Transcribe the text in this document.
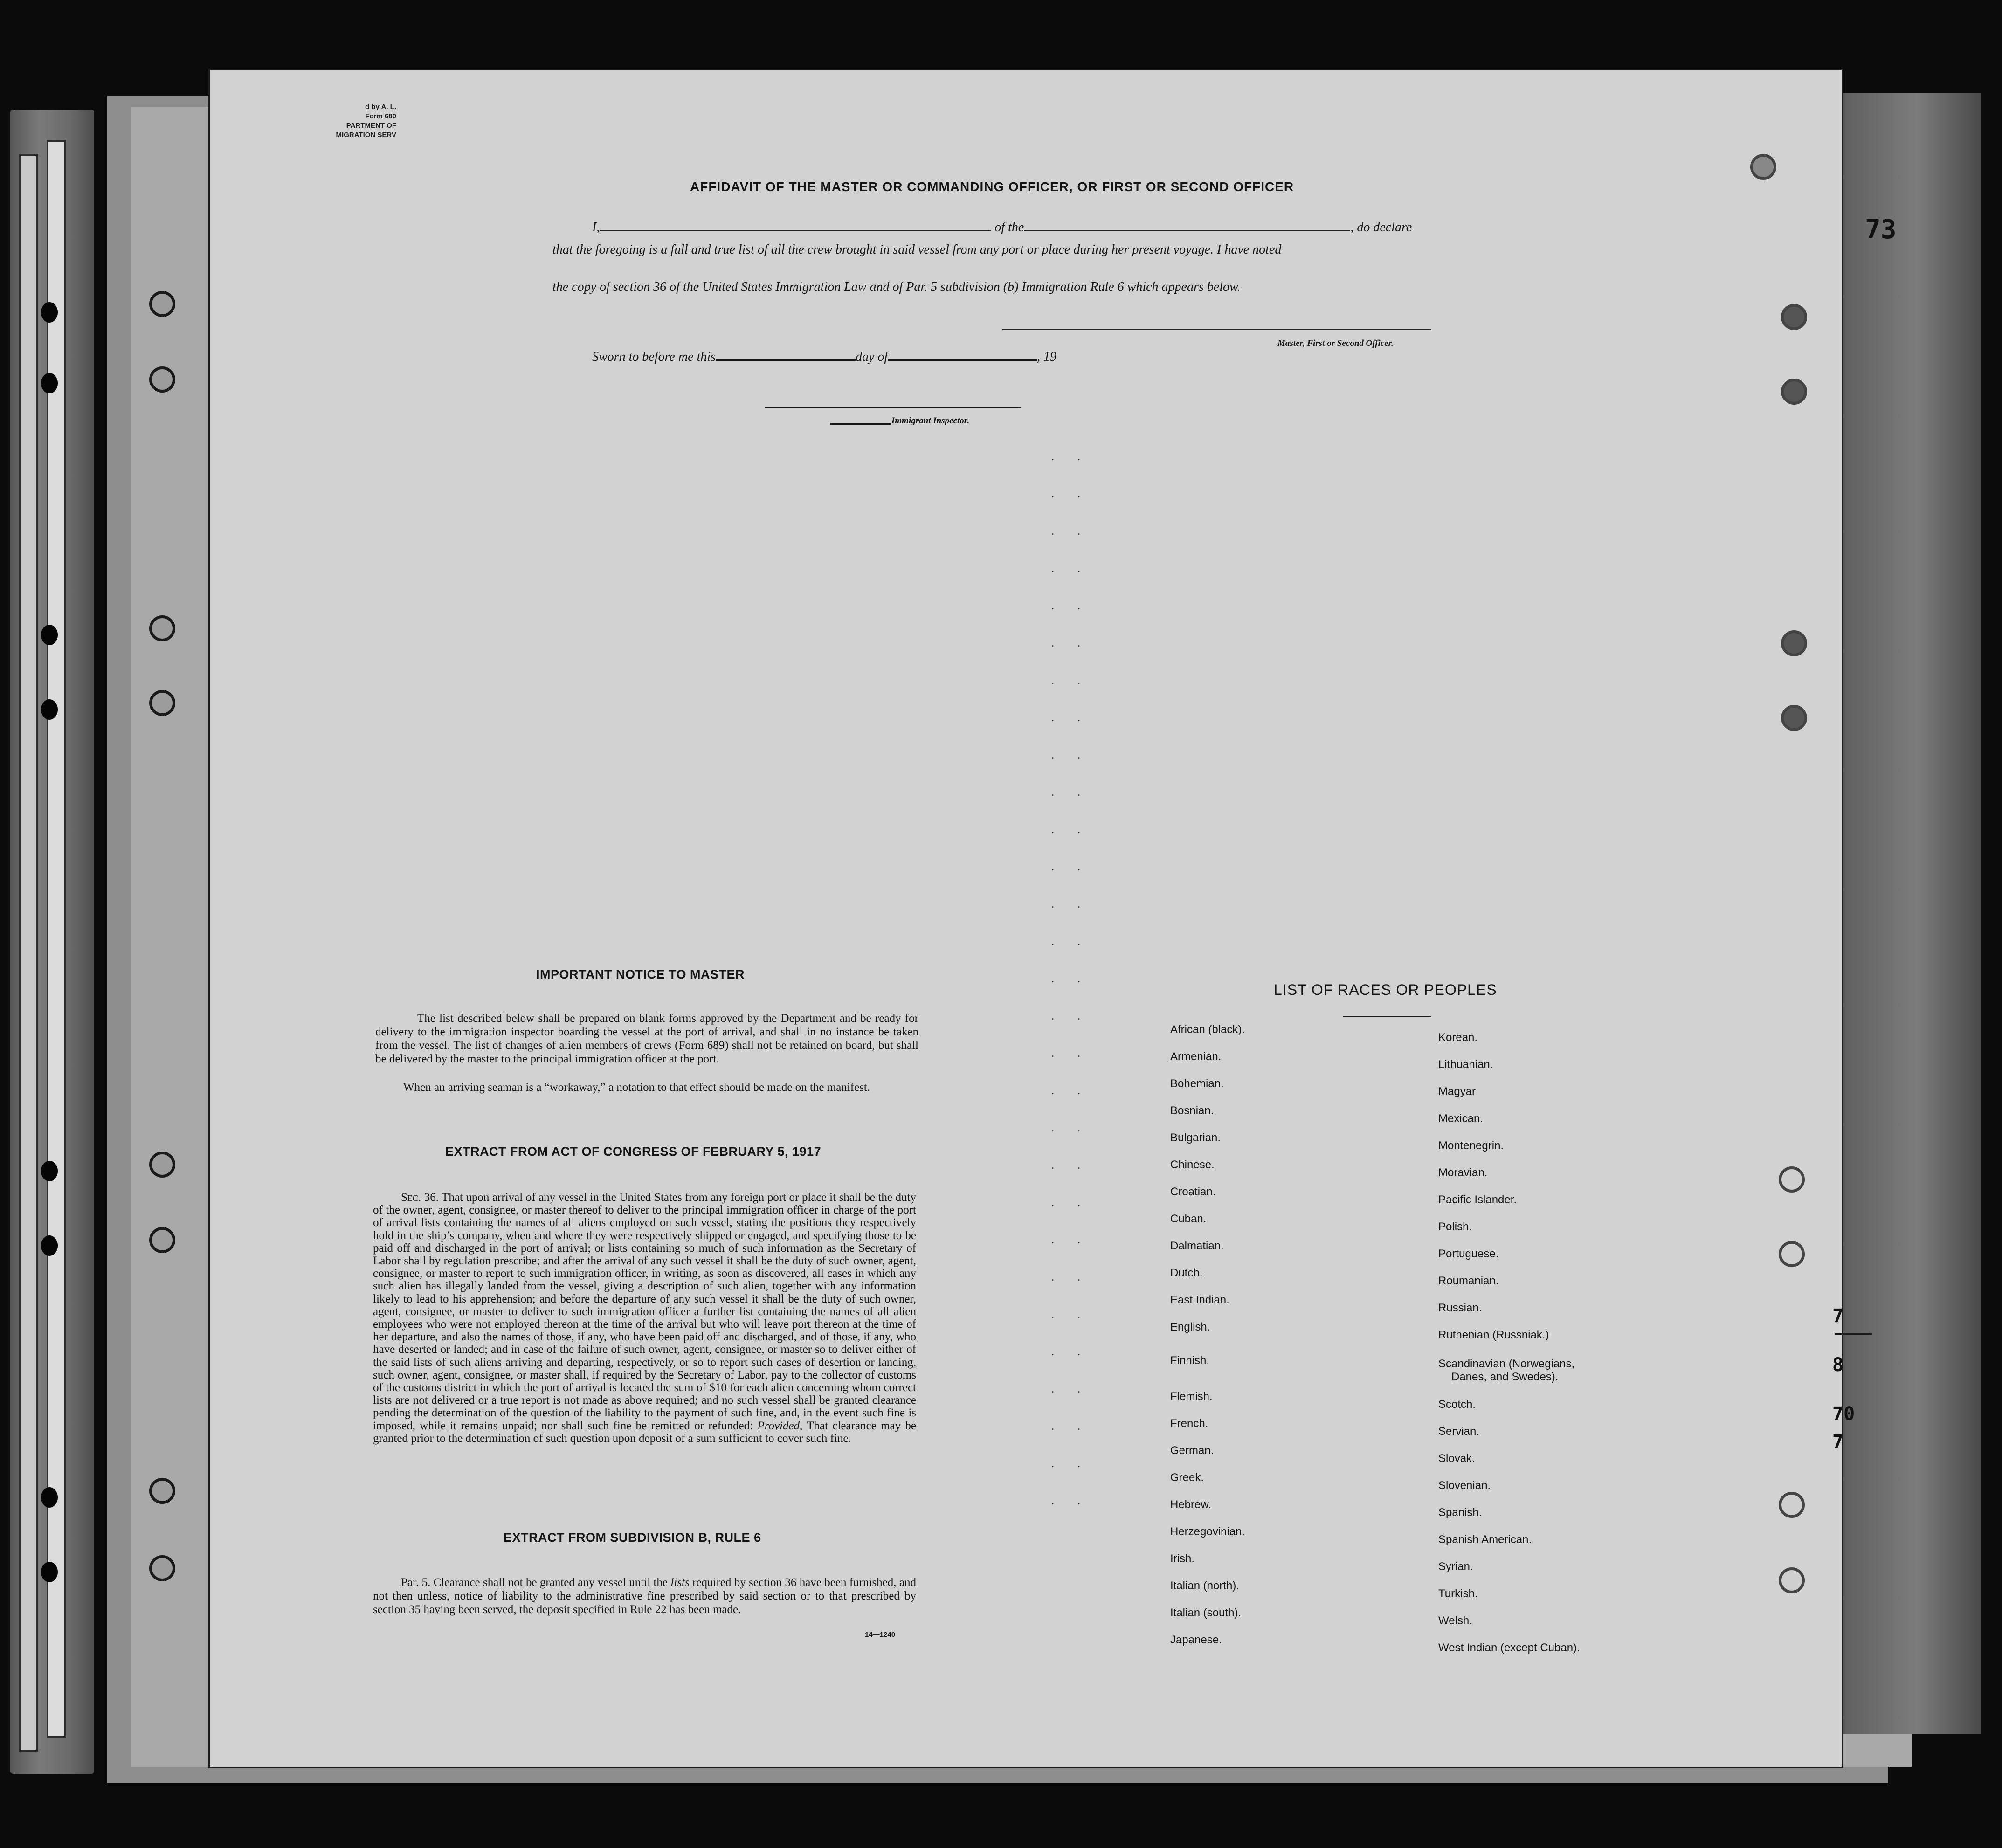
73
7
8
70
7
d by A. L.
Form 680
PARTMENT OF
MIGRATION SERV
AFFIDAVIT OF THE MASTER OR COMMANDING OFFICER, OR FIRST OR SECOND OFFICER
I,	of the	, do declare
that the foregoing is a full and true list of all the crew brought in said vessel from any port or place during her present voyage. I have noted
the copy of section 36 of the United States Immigration Law and of Par. 5 subdivision (b) Immigration Rule 6 which appears below.
Master, First or Second Officer.
Sworn to before me this	day of	, 19
Immigrant Inspector.
.
.
.
.
.
.
.
.
.
.
.
.
.
.
.
.
.
.
.
.
.
.
.
.
.
.
.
.
.
IMPORTANT NOTICE TO MASTER
The list described below shall be prepared on blank forms approved by the Department and be ready for delivery to the immigration inspector boarding the vessel at the port of arrival, and shall in no instance be taken from the vessel. The list of changes of alien members of crews (Form 689) shall not be retained on board, but shall be delivered by the master to the principal immigration officer at the port.
When an arriving seaman is a “workaway,” a notation to that effect should be made on the manifest.
EXTRACT FROM ACT OF CONGRESS OF FEBRUARY 5, 1917
Sec. 36. That upon arrival of any vessel in the United States from any foreign port or place it shall be the duty of the owner, agent, consignee, or master thereof to deliver to the principal immigration officer in charge of the port of arrival lists containing the names of all aliens employed on such vessel, stating the positions they respectively hold in the ship’s company, when and where they were respectively shipped or engaged, and specifying those to be paid off and discharged in the port of arrival; or lists containing so much of such information as the Secretary of Labor shall by regulation prescribe; and after the arrival of any such vessel it shall be the duty of such owner, agent, consignee, or master to report to such immigration officer, in writing, as soon as discovered, all cases in which any such alien has illegally landed from the vessel, giving a description of such alien, together with any information likely to lead to his apprehension; and before the departure of any such vessel it shall be the duty of such owner, agent, consignee, or master to deliver to such immigration officer a further list containing the names of all alien employees who were not employed thereon at the time of the arrival but who will leave port thereon at the time of her departure, and also the names of those, if any, who have been paid off and discharged, and of those, if any, who have deserted or landed; and in case of the failure of such owner, agent, consignee, or master so to deliver either of the said lists of such aliens arriving and departing, respectively, or so to report such cases of desertion or landing, such owner, agent, consignee, or master shall, if required by the Secretary of Labor, pay to the collector of customs of the customs district in which the port of arrival is located the sum of $10 for each alien concerning whom correct lists are not delivered or a true report is not made as above required; and no such vessel shall be granted clearance pending the determination of the question of the liability to the payment of such fine, and, in the event such fine is imposed, while it remains unpaid; nor shall such fine be remitted or refunded: Provided, That clearance may be granted prior to the determination of such question upon deposit of a sum sufficient to cover such fine.
EXTRACT FROM SUBDIVISION B, RULE 6
Par. 5. Clearance shall not be granted any vessel until the lists required by section 36 have been furnished, and not then unless, notice of liability to the administrative fine prescribed by said section or to that prescribed by section 35 having been served, the deposit specified in Rule 22 has been made.
14—1240
LIST OF RACES OR PEOPLES
African (black).
Armenian.
Bohemian.
Bosnian.
Bulgarian.
Chinese.
Croatian.
Cuban.
Dalmatian.
Dutch.
East Indian.
English.
Finnish.
Flemish.
French.
German.
Greek.
Hebrew.
Herzegovinian.
Irish.
Italian (north).
Italian (south).
Japanese.
Korean.
Lithuanian.
Magyar
Mexican.
Montenegrin.
Moravian.
Pacific Islander.
Polish.
Portuguese.
Roumanian.
Russian.
Ruthenian (Russniak.)
Scandinavian (Norwegians,
Danes, and Swedes).
Scotch.
Servian.
Slovak.
Slovenian.
Spanish.
Spanish American.
Syrian.
Turkish.
Welsh.
West Indian (except Cuban).
